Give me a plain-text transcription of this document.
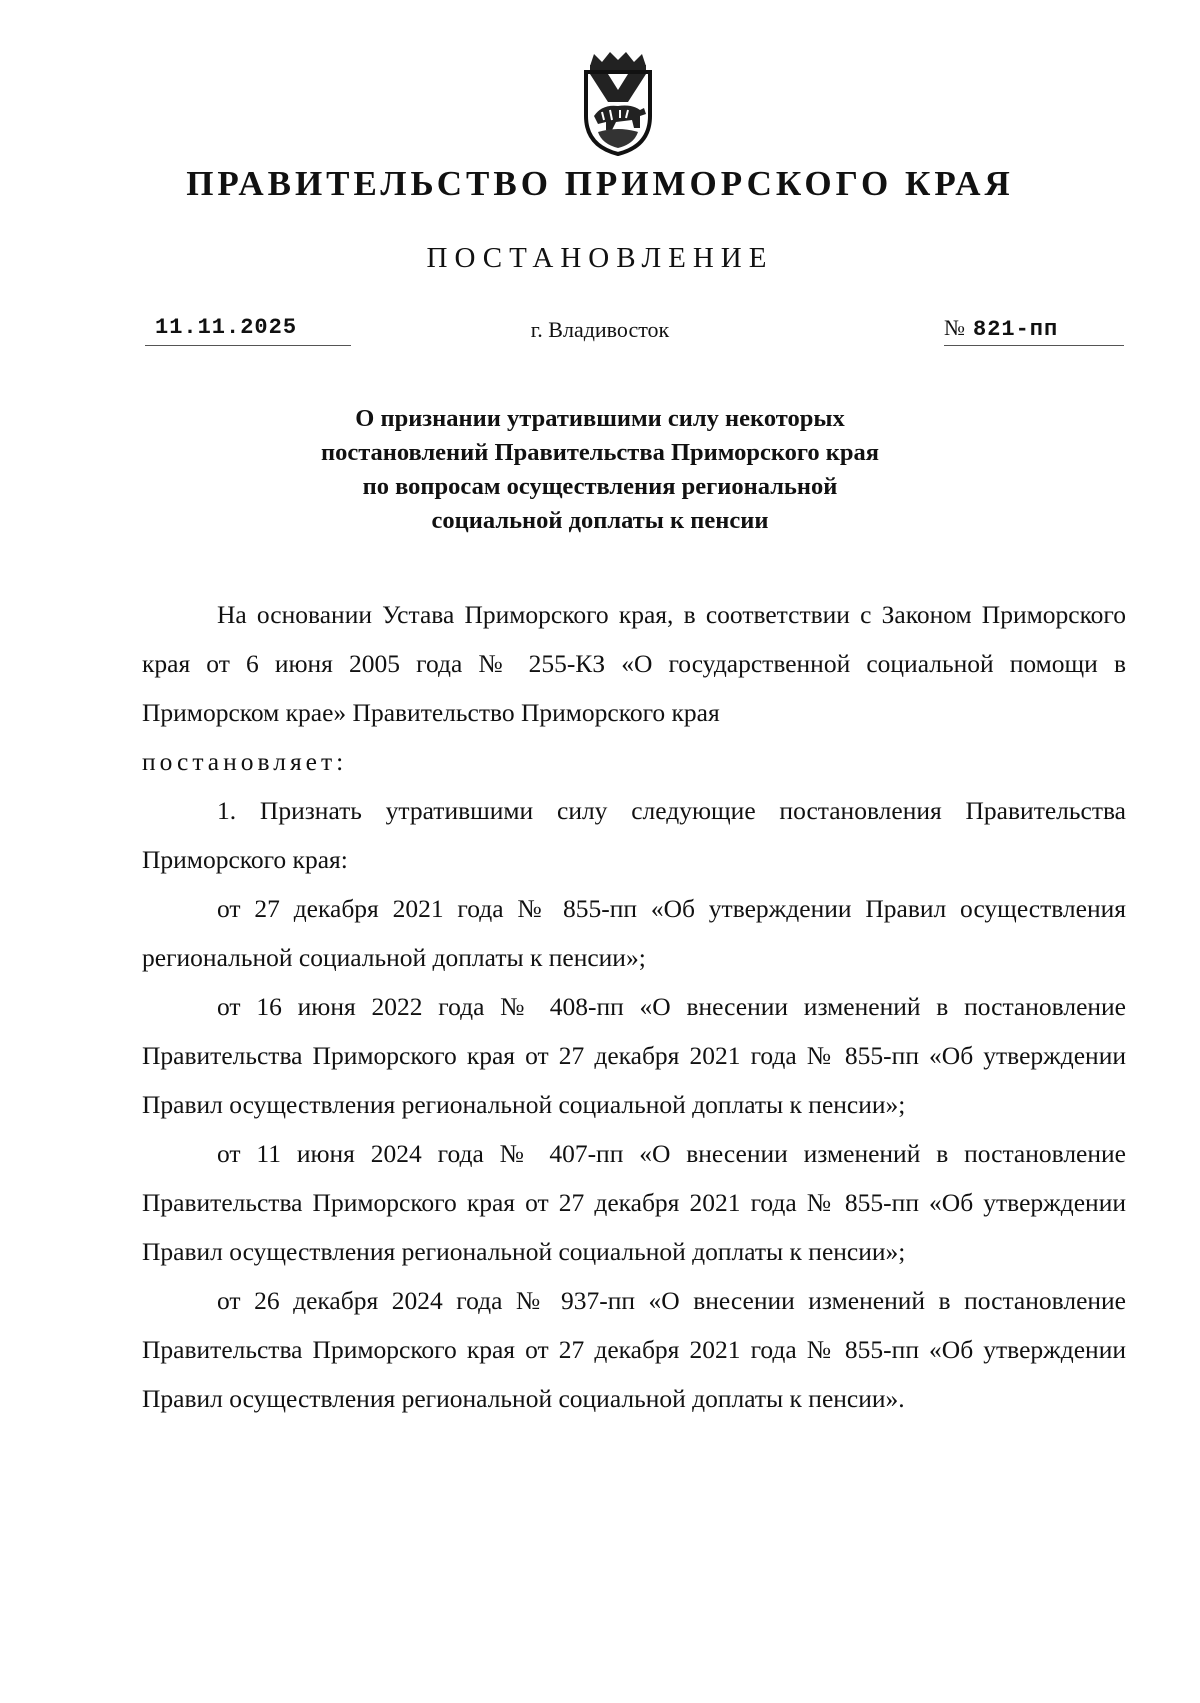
ПРАВИТЕЛЬСТВО ПРИМОРСКОГО КРАЯ
ПОСТАНОВЛЕНИЕ
11.11.2025	г. Владивосток	№ 821-пп
О признании утратившими силу некоторых
постановлений Правительства Приморского края
по вопросам осуществления региональной
социальной доплаты к пенсии

На основании Устава Приморского края, в соответствии с Законом Приморского края от 6 июня 2005 года № 255-КЗ «О государственной социальной помощи в Приморском крае» Правительство Приморского края

постановляет:

1. Признать утратившими силу следующие постановления Правительства Приморского края:

от 27 декабря 2021 года № 855-пп «Об утверждении Правил осуществления региональной социальной доплаты к пенсии»;

от 16 июня 2022 года № 408-пп «О внесении изменений в постановление Правительства Приморского края от 27 декабря 2021 года № 855-пп «Об утверждении Правил осуществления региональной социальной доплаты к пенсии»;

от 11 июня 2024 года № 407-пп «О внесении изменений в постановление Правительства Приморского края от 27 декабря 2021 года № 855-пп «Об утверждении Правил осуществления региональной социальной доплаты к пенсии»;

от 26 декабря 2024 года № 937-пп «О внесении изменений в постановление Правительства Приморского края от 27 декабря 2021 года № 855-пп «Об утверждении Правил осуществления региональной социальной доплаты к пенсии».
